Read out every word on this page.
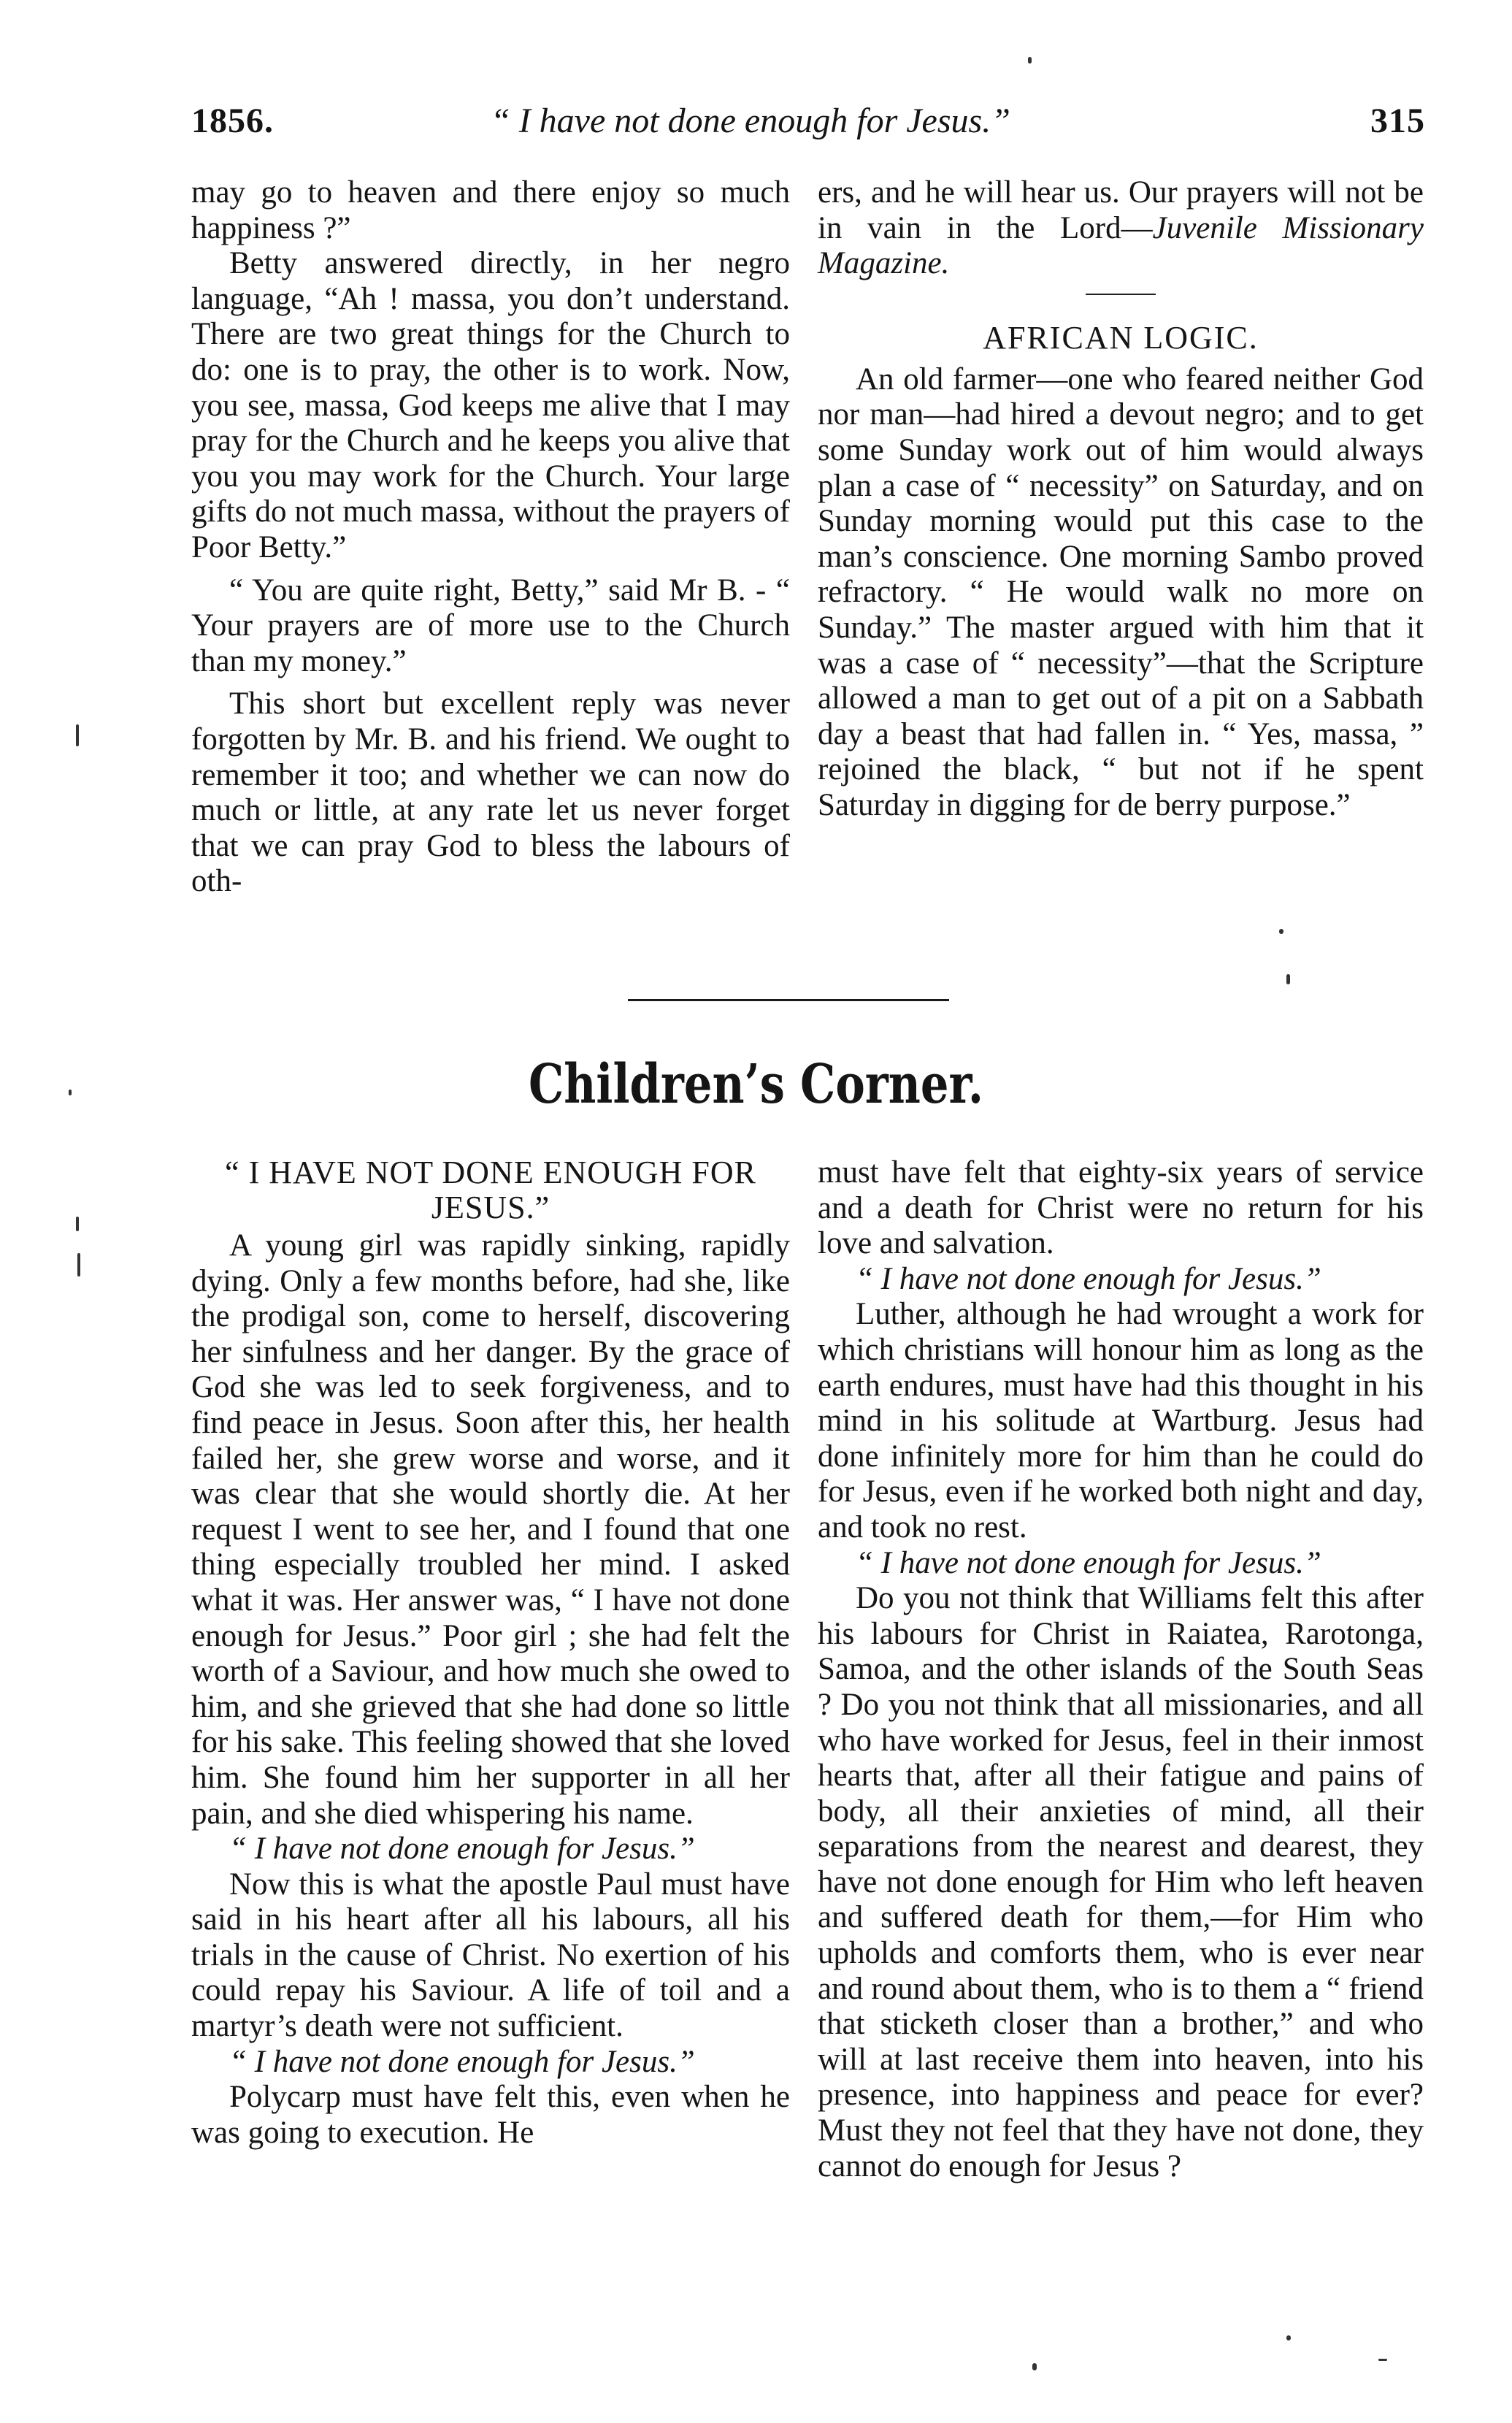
1856.	“ I have not done enough for Jesus.”	315

may go to heaven and there enjoy so much happiness ?”

Betty answered directly, in her negro language, “Ah ! massa, you don’t understand. There are two great things for the Church to do: one is to pray, the other is to work. Now, you see, massa, God keeps me alive that I may pray for the Church and he keeps you alive that you you may work for the Church. Your large gifts do not much massa, without the prayers of Poor Betty.”

“ You are quite right, Betty,” said Mr B. - “ Your prayers are of more use to the Church than my money.”

This short but excellent reply was never forgotten by Mr. B. and his friend. We ought to remember it too; and whether we can now do much or little, at any rate let us never forget that we can pray God to bless the labours of oth-

ers, and he will hear us. Our prayers will not be in vain in the Lord—Juvenile Missionary Magazine.

AFRICAN LOGIC.

An old farmer—one who feared neither God nor man—had hired a devout negro; and to get some Sunday work out of him would always plan a case of “ necessity” on Saturday, and on Sunday morning would put this case to the man’s conscience. One morning Sambo proved refractory. “ He would walk no more on Sunday.” The master argued with him that it was a case of “ necessity”—that the Scripture allowed a man to get out of a pit on a Sabbath day a beast that had fallen in. “ Yes, massa, ” rejoined the black, “ but not if he spent Saturday in digging for de berry purpose.”

Children’s Corner.
“ I HAVE NOT DONE ENOUGH FOR JESUS.”

A young girl was rapidly sinking, rapidly dying. Only a few months before, had she, like the prodigal son, come to herself, discovering her sinfulness and her danger. By the grace of God she was led to seek forgiveness, and to find peace in Jesus. Soon after this, her health failed her, she grew worse and worse, and it was clear that she would shortly die. At her request I went to see her, and I found that one thing especially troubled her mind. I asked what it was. Her answer was, “ I have not done enough for Jesus.” Poor girl ; she had felt the worth of a Saviour, and how much she owed to him, and she grieved that she had done so little for his sake. This feeling showed that she loved him. She found him her supporter in all her pain, and she died whispering his name.

“ I have not done enough for Jesus.”

Now this is what the apostle Paul must have said in his heart after all his labours, all his trials in the cause of Christ. No exertion of his could repay his Saviour. A life of toil and a martyr’s death were not sufficient.

“ I have not done enough for Jesus.”

Polycarp must have felt this, even when he was going to execution. He

must have felt that eighty-six years of service and a death for Christ were no return for his love and salvation.

“ I have not done enough for Jesus.”

Luther, although he had wrought a work for which christians will honour him as long as the earth endures, must have had this thought in his mind in his solitude at Wartburg. Jesus had done infinitely more for him than he could do for Jesus, even if he worked both night and day, and took no rest.

“ I have not done enough for Jesus.”

Do you not think that Williams felt this after his labours for Christ in Raiatea, Rarotonga, Samoa, and the other islands of the South Seas ? Do you not think that all missionaries, and all who have worked for Jesus, feel in their inmost hearts that, after all their fatigue and pains of body, all their anxieties of mind, all their separations from the nearest and dearest, they have not done enough for Him who left heaven and suffered death for them,—for Him who upholds and comforts them, who is ever near and round about them, who is to them a “ friend that sticketh closer than a brother,” and who will at last receive them into heaven, into his presence, into happiness and peace for ever? Must they not feel that they have not done, they cannot do enough for Jesus ?
